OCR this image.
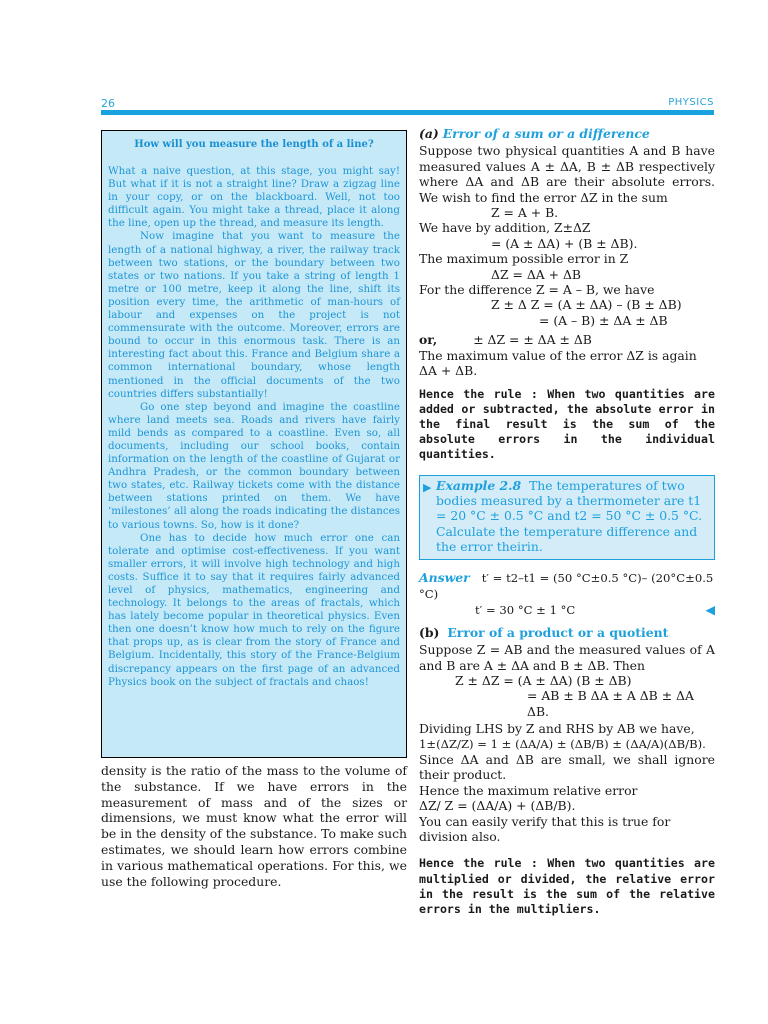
26	PHYSICS

How will you measure the length of a line?

What a naive question, at this stage, you might say! But what if it is not a straight line? Draw a zigzag line in your copy, or on the blackboard. Well, not too difficult again. You might take a thread, place it along the line, open up the thread, and measure its length.

Now imagine that you want to measure the length of a national highway, a river, the railway track between two stations, or the boundary between two states or two nations. If you take a string of length 1 metre or 100 metre, keep it along the line, shift its position every time, the arithmetic of man-hours of labour and expenses on the project is not commensurate with the outcome. Moreover, errors are bound to occur in this enormous task. There is an interesting fact about this. France and Belgium share a common international boundary, whose length mentioned in the official documents of the two countries differs substantially!

Go one step beyond and imagine the coastline where land meets sea. Roads and rivers have fairly mild bends as compared to a coastline. Even so, all documents, including our school books, contain information on the length of the coastline of Gujarat or Andhra Pradesh, or the common boundary between two states, etc. Railway tickets come with the distance between stations printed on them. We have ‘milestones’ all along the roads indicating the distances to various towns. So, how is it done?

One has to decide how much error one can tolerate and optimise cost-effectiveness. If you want smaller errors, it will involve high technology and high costs. Suffice it to say that it requires fairly advanced level of physics, mathematics, engineering and technology. It belongs to the areas of fractals, which has lately become popular in theoretical physics. Even then one doesn’t know how much to rely on the figure that props up, as is clear from the story of France and Belgium. Incidentally, this story of the France-Belgium discrepancy appears on the first page of an advanced Physics book on the subject of fractals and chaos!

density is the ratio of the mass to the volume of the substance. If we have errors in the measurement of mass and of the sizes or dimensions, we must know what the error will be in the density of the substance. To make such estimates, we should learn how errors combine in various mathematical operations. For this, we use the following procedure.

(a) Error of a sum or a difference

Suppose two physical quantities A and B have measured values A ± ΔA, B ± ΔB respectively where ΔA and ΔB are their absolute errors. We wish to find the error ΔZ in the sum

Z = A + B.

We have by addition, Z±ΔZ

= (A ± ΔA) + (B ± ΔB).

The maximum possible error in Z

ΔZ = ΔA + ΔB

For the difference Z = A – B, we have

Z ± Δ Z = (A ± ΔA) – (B ± ΔB)

= (A – B) ± ΔA ± ΔB

or,	± ΔZ = ± ΔA ± ΔB

The maximum value of the error ΔZ is again ΔA + ΔB.

Hence the rule : When two quantities are added or subtracted, the absolute error in the final result is the sum of the absolute errors in the individual quantities.

▶ Example 2.8 The temperatures of two bodies measured by a thermometer are t1 = 20 °C ± 0.5 °C and t2 = 50 °C ± 0.5 °C. Calculate the temperature difference and the error theirin.

Answer t′ = t2–t1 = (50 °C±0.5 °C)– (20°C±0.5 °C)

t′ = 30 °C ± 1 °C	◀

(b) Error of a product or a quotient

Suppose Z = AB and the measured values of A and B are A ± ΔA and B ± ΔB. Then

Z ± ΔZ = (A ± ΔA) (B ± ΔB)

= AB ± B ΔA ± A ΔB ± ΔA ΔB.

Dividing LHS by Z and RHS by AB we have,

1±(ΔZ/Z) = 1 ± (ΔA/A) ± (ΔB/B) ± (ΔA/A)(ΔB/B).

Since ΔA and ΔB are small, we shall ignore their product.

Hence the maximum relative error

ΔZ/ Z = (ΔA/A) + (ΔB/B).

You can easily verify that this is true for division also.

Hence the rule : When two quantities are multiplied or divided, the relative error in the result is the sum of the relative errors in the multipliers.
